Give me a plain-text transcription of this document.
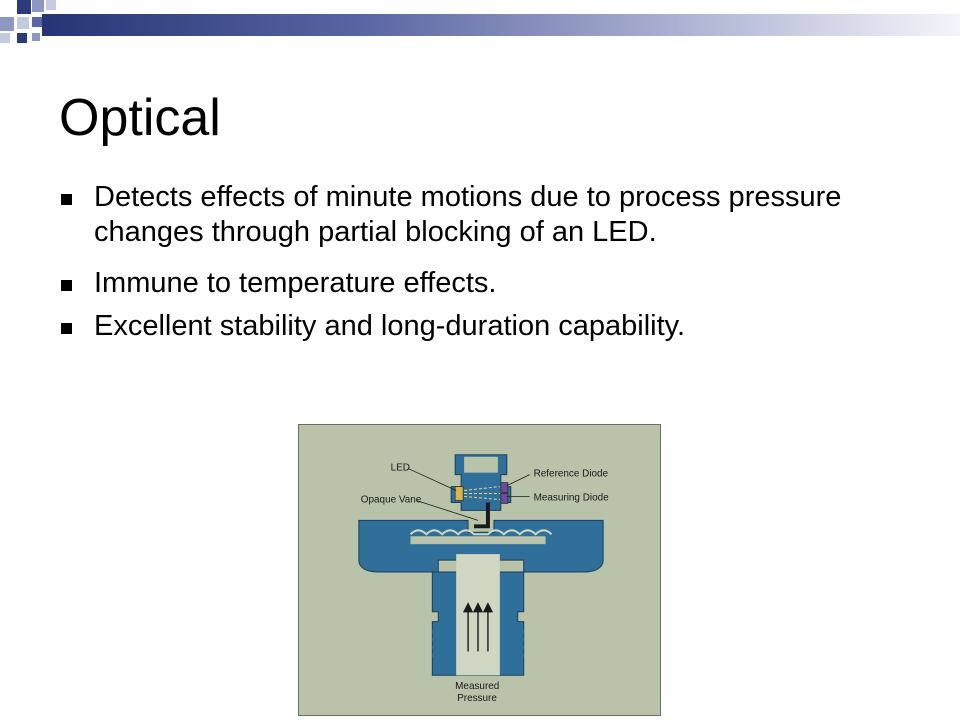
Optical
Detects effects of minute motions due to process pressure changes through partial blocking of an LED.
Immune to temperature effects.
Excellent stability and long-duration capability.
LED
Reference Diode
Measuring Diode
Opaque Vane
Measured
Pressure
